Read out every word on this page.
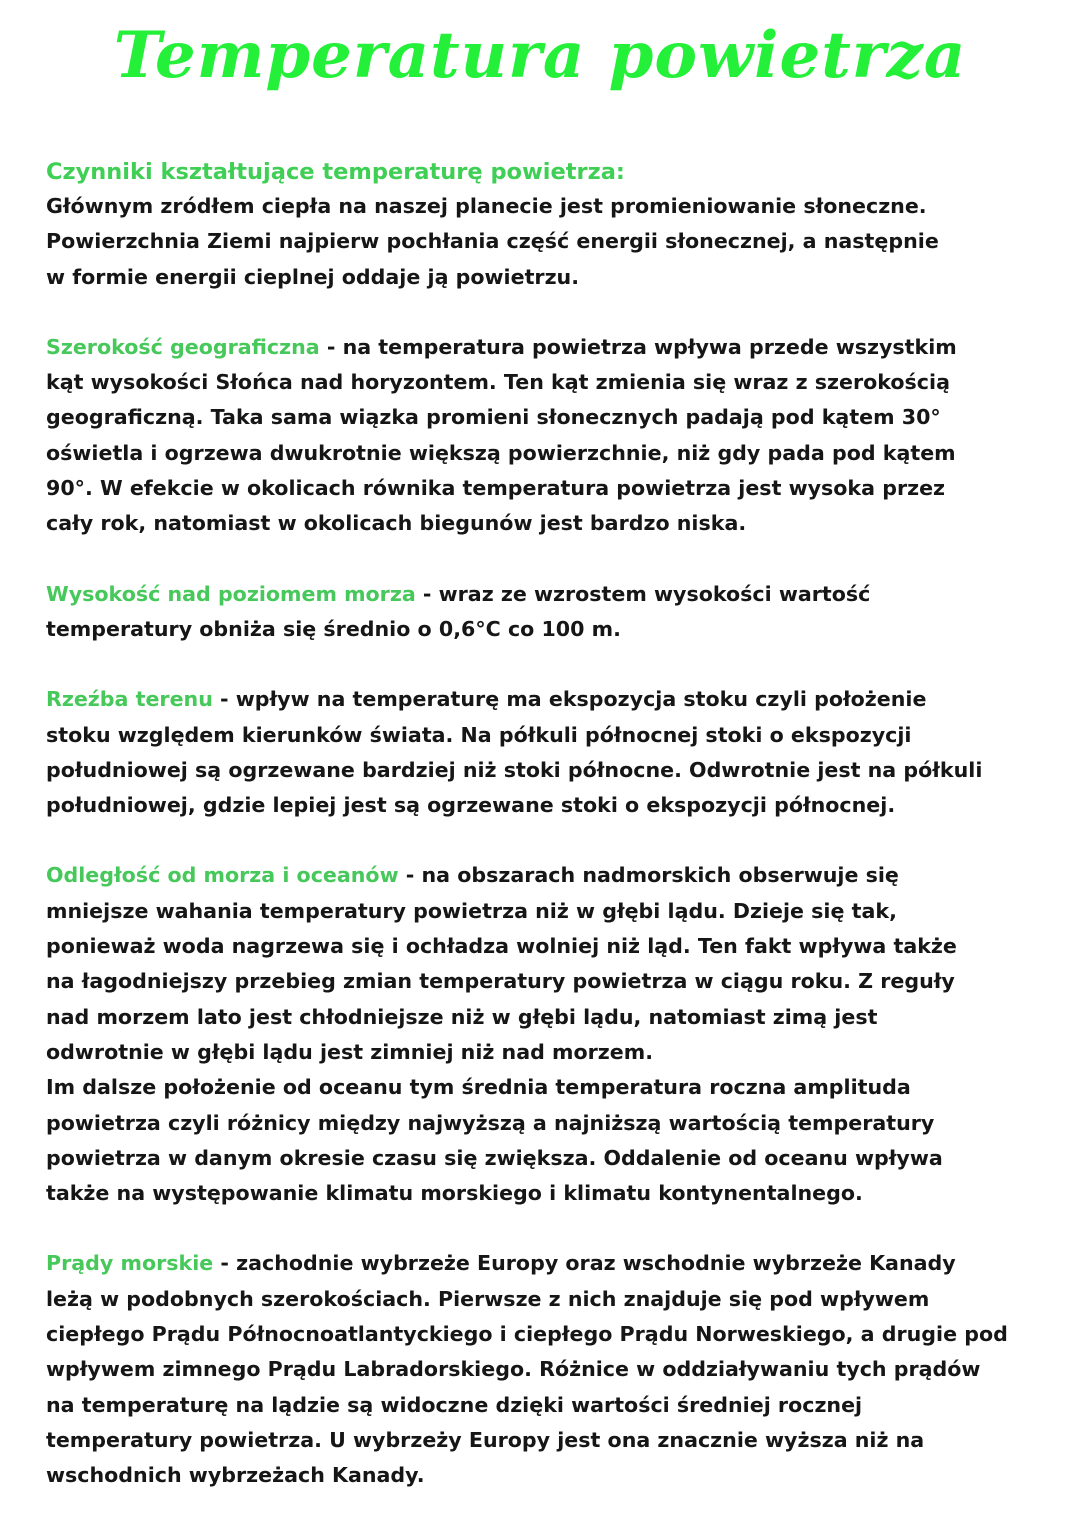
Temperatura powietrza
Czynniki kształtujące temperaturę powietrza:

Głównym zródłem ciepła na naszej planecie jest promieniowanie słoneczne.
Powierzchnia Ziemi najpierw pochłania część energii słonecznej, a następnie
w formie energii cieplnej oddaje ją powietrzu.

Szerokość geograficzna - na temperatura powietrza wpływa przede wszystkim
kąt wysokości Słońca nad horyzontem. Ten kąt zmienia się wraz z szerokością
geograficzną. Taka sama wiązka promieni słonecznych padają pod kątem 30°
oświetla i ogrzewa dwukrotnie większą powierzchnie, niż gdy pada pod kątem
90°. W efekcie w okolicach równika temperatura powietrza jest wysoka przez
cały rok, natomiast w okolicach biegunów jest bardzo niska.

Wysokość nad poziomem morza - wraz ze wzrostem wysokości wartość
temperatury obniża się średnio o 0,6°C co 100 m.

Rzeźba terenu - wpływ na temperaturę ma ekspozycja stoku czyli położenie
stoku względem kierunków świata. Na półkuli północnej stoki o ekspozycji
południowej są ogrzewane bardziej niż stoki północne. Odwrotnie jest na półkuli
południowej, gdzie lepiej jest są ogrzewane stoki o ekspozycji północnej.

Odległość od morza i oceanów - na obszarach nadmorskich obserwuje się
mniejsze wahania temperatury powietrza niż w głębi lądu. Dzieje się tak,
ponieważ woda nagrzewa się i ochładza wolniej niż ląd. Ten fakt wpływa także
na łagodniejszy przebieg zmian temperatury powietrza w ciągu roku. Z reguły
nad morzem lato jest chłodniejsze niż w głębi lądu, natomiast zimą jest
odwrotnie w głębi lądu jest zimniej niż nad morzem.
Im dalsze położenie od oceanu tym średnia temperatura roczna amplituda
powietrza czyli różnicy między najwyższą a najniższą wartością temperatury
powietrza w danym okresie czasu się zwiększa. Oddalenie od oceanu wpływa
także na występowanie klimatu morskiego i klimatu kontynentalnego.

Prądy morskie - zachodnie wybrzeże Europy oraz wschodnie wybrzeże Kanady
leżą w podobnych szerokościach. Pierwsze z nich znajduje się pod wpływem
ciepłego Prądu Północnoatlantyckiego i ciepłego Prądu Norweskiego, a drugie pod
wpływem zimnego Prądu Labradorskiego. Różnice w oddziaływaniu tych prądów
na temperaturę na lądzie są widoczne dzięki wartości średniej rocznej
temperatury powietrza. U wybrzeży Europy jest ona znacznie wyższa niż na
wschodnich wybrzeżach Kanady.
